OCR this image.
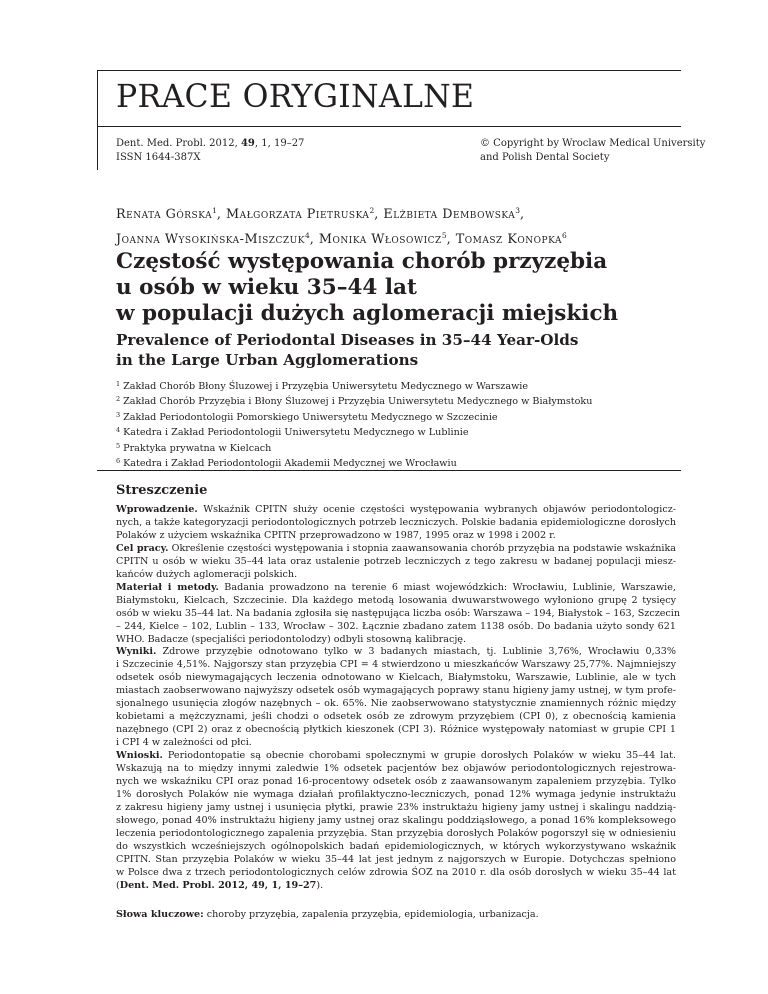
PRACE ORYGINALNE
Dent. Med. Probl. 2012, 49, 1, 19–27
ISSN 1644-387X
© Copyright by Wroclaw Medical University
and Polish Dental Society
Renata Górska$^1$, Małgorzata Pietruska$^2$, Elżbieta Dembowska$^3$,
Joanna Wysokińska-Miszczuk$^4$, Monika Włosowicz$^5$, Tomasz Konopka$^6$
Częstość występowania chorób przyzębia
u osób w wieku 35–44 lat
w populacji dużych aglomeracji miejskich
Prevalence of Periodontal Diseases in 35–44 Year-Olds
in the Large Urban Agglomerations
$^1$ Zakład Chorób Błony Śluzowej i Przyzębia Uniwersytetu Medycznego w Warszawie
$^2$ Zakład Chorób Przyzębia i Błony Śluzowej i Przyzębia Uniwersytetu Medycznego w Białymstoku
$^3$ Zakład Periodontologii Pomorskiego Uniwersytetu Medycznego w Szczecinie
$^4$ Katedra i Zakład Periodontologii Uniwersytetu Medycznego w Lublinie
$^5$ Praktyka prywatna w Kielcach
$^6$ Katedra i Zakład Periodontologii Akademii Medycznej we Wrocławiu
Streszczenie
Wprowadzenie. Wskaźnik CPITN służy ocenie częstości występowania wybranych objawów periodontologicz-
nych, a także kategoryzacji periodontologicznych potrzeb leczniczych. Polskie badania epidemiologiczne dorosłych
Polaków z użyciem wskaźnika CPITN przeprowadzono w 1987, 1995 oraz w 1998 i 2002 r.
Cel pracy. Określenie częstości występowania i stopnia zaawansowania chorób przyzębia na podstawie wskaźnika
CPITN u osób w wieku 35–44 lata oraz ustalenie potrzeb leczniczych z tego zakresu w badanej populacji miesz-
kańców dużych aglomeracji polskich.
Materiał i metody. Badania prowadzono na terenie 6 miast wojewódzkich: Wrocławiu, Lublinie, Warszawie,
Białymstoku, Kielcach, Szczecinie. Dla każdego metodą losowania dwuwarstwowego wyłoniono grupę 2 tysięcy
osób w wieku 35–44 lat. Na badania zgłosiła się następująca liczba osób: Warszawa – 194, Białystok – 163, Szczecin
– 244, Kielce – 102, Lublin – 133, Wrocław – 302. Łącznie zbadano zatem 1138 osób. Do badania użyto sondy 621
WHO. Badacze (specjaliści periodontolodzy) odbyli stosowną kalibrację.
Wyniki. Zdrowe przyzębie odnotowano tylko w 3 badanych miastach, tj. Lublinie 3,76%, Wrocławiu 0,33%
i Szczecinie 4,51%. Najgorszy stan przyzębia CPI = 4 stwierdzono u mieszkańców Warszawy 25,77%. Najmniejszy
odsetek osób niewymagających leczenia odnotowano w Kielcach, Białymstoku, Warszawie, Lublinie, ale w tych
miastach zaobserwowano najwyższy odsetek osób wymagających poprawy stanu higieny jamy ustnej, w tym profe-
sjonalnego usunięcia złogów nazębnych – ok. 65%. Nie zaobserwowano statystycznie znamiennych różnic między
kobietami a mężczyznami, jeśli chodzi o odsetek osób ze zdrowym przyzębiem (CPI 0), z obecnością kamienia
nazębnego (CPI 2) oraz z obecnością płytkich kieszonek (CPI 3). Różnice występowały natomiast w grupie CPI 1
i CPI 4 w zależności od płci.
Wnioski. Periodontopatie są obecnie chorobami społecznymi w grupie dorosłych Polaków w wieku 35–44 lat.
Wskazują na to między innymi zaledwie 1% odsetek pacjentów bez objawów periodontologicznych rejestrowa-
nych we wskaźniku CPI oraz ponad 16-procentowy odsetek osób z zaawansowanym zapaleniem przyzębia. Tylko
1% dorosłych Polaków nie wymaga działań profilaktyczno-leczniczych, ponad 12% wymaga jedynie instruktażu
z zakresu higieny jamy ustnej i usunięcia płytki, prawie 23% instruktażu higieny jamy ustnej i skalingu naddzią-
słowego, ponad 40% instruktażu higieny jamy ustnej oraz skalingu poddziąsłowego, a ponad 16% kompleksowego
leczenia periodontologicznego zapalenia przyzębia. Stan przyzębia dorosłych Polaków pogorszył się w odniesieniu
do wszystkich wcześniejszych ogólnopolskich badań epidemiologicznych, w których wykorzystywano wskaźnik
CPITN. Stan przyzębia Polaków w wieku 35–44 lat jest jednym z najgorszych w Europie. Dotychczas spełniono
w Polsce dwa z trzech periodontologicznych celów zdrowia ŚOZ na 2010 r. dla osób dorosłych w wieku 35–44 lat
(Dent. Med. Probl. 2012, 49, 1, 19–27).
Słowa kluczowe: choroby przyzębia, zapalenia przyzębia, epidemiologia, urbanizacja.
